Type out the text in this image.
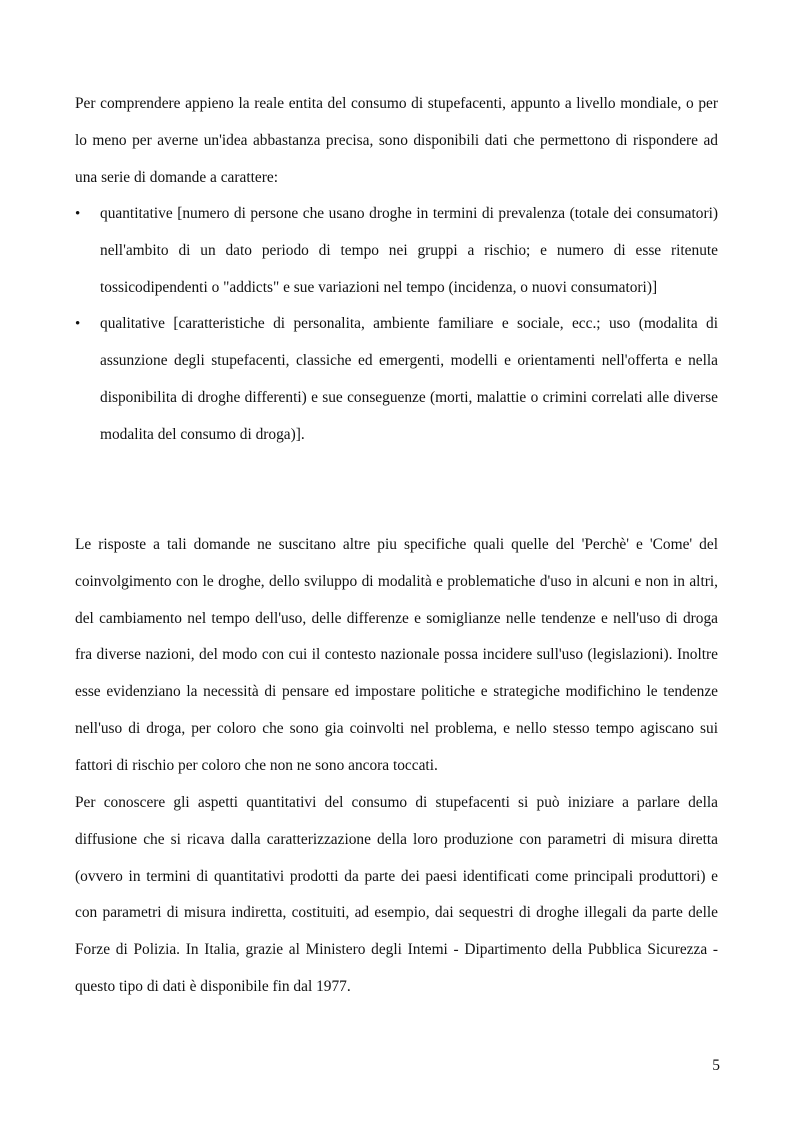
Per comprendere appieno la reale entita del consumo di stupefacenti, appunto a livello mondiale, o per lo meno per averne un'idea abbastanza precisa, sono disponibili dati che permettono di rispondere ad una serie di domande a carattere:

• quantitative [numero di persone che usano droghe in termini di prevalenza (totale dei consumatori) nell'ambito di un dato periodo di tempo nei gruppi a rischio; e numero di esse ritenute tossicodipendenti o "addicts" e sue variazioni nel tempo (incidenza, o nuovi consumatori)]
• qualitative [caratteristiche di personalita, ambiente familiare e sociale, ecc.; uso (modalita di assunzione degli stupefacenti, classiche ed emergenti, modelli e orientamenti nell'offerta e nella disponibilita di droghe differenti) e sue conseguenze (morti, malattie o crimini correlati alle diverse modalita del consumo di droga)].

Le risposte a tali domande ne suscitano altre piu specifiche quali quelle del 'Perchè' e 'Come' del coinvolgimento con le droghe, dello sviluppo di modalità e problematiche d'uso in alcuni e non in altri, del cambiamento nel tempo dell'uso, delle differenze e somiglianze nelle tendenze e nell'uso di droga fra diverse nazioni, del modo con cui il contesto nazionale possa incidere sull'uso (legislazioni). Inoltre esse evidenziano la necessità di pensare ed impostare politiche e strategiche modifichino le tendenze nell'uso di droga, per coloro che sono gia coinvolti nel problema, e nello stesso tempo agiscano sui fattori di rischio per coloro che non ne sono ancora toccati.

Per conoscere gli aspetti quantitativi del consumo di stupefacenti si può iniziare a parlare della diffusione che si ricava dalla caratterizzazione della loro produzione con parametri di misura diretta (ovvero in termini di quantitativi prodotti da parte dei paesi identificati come principali produttori) e con parametri di misura indiretta, costituiti, ad esempio, dai sequestri di droghe illegali da parte delle Forze di Polizia. In Italia, grazie al Ministero degli Intemi - Dipartimento della Pubblica Sicurezza -questo tipo di dati è disponibile fin dal 1977.

5
